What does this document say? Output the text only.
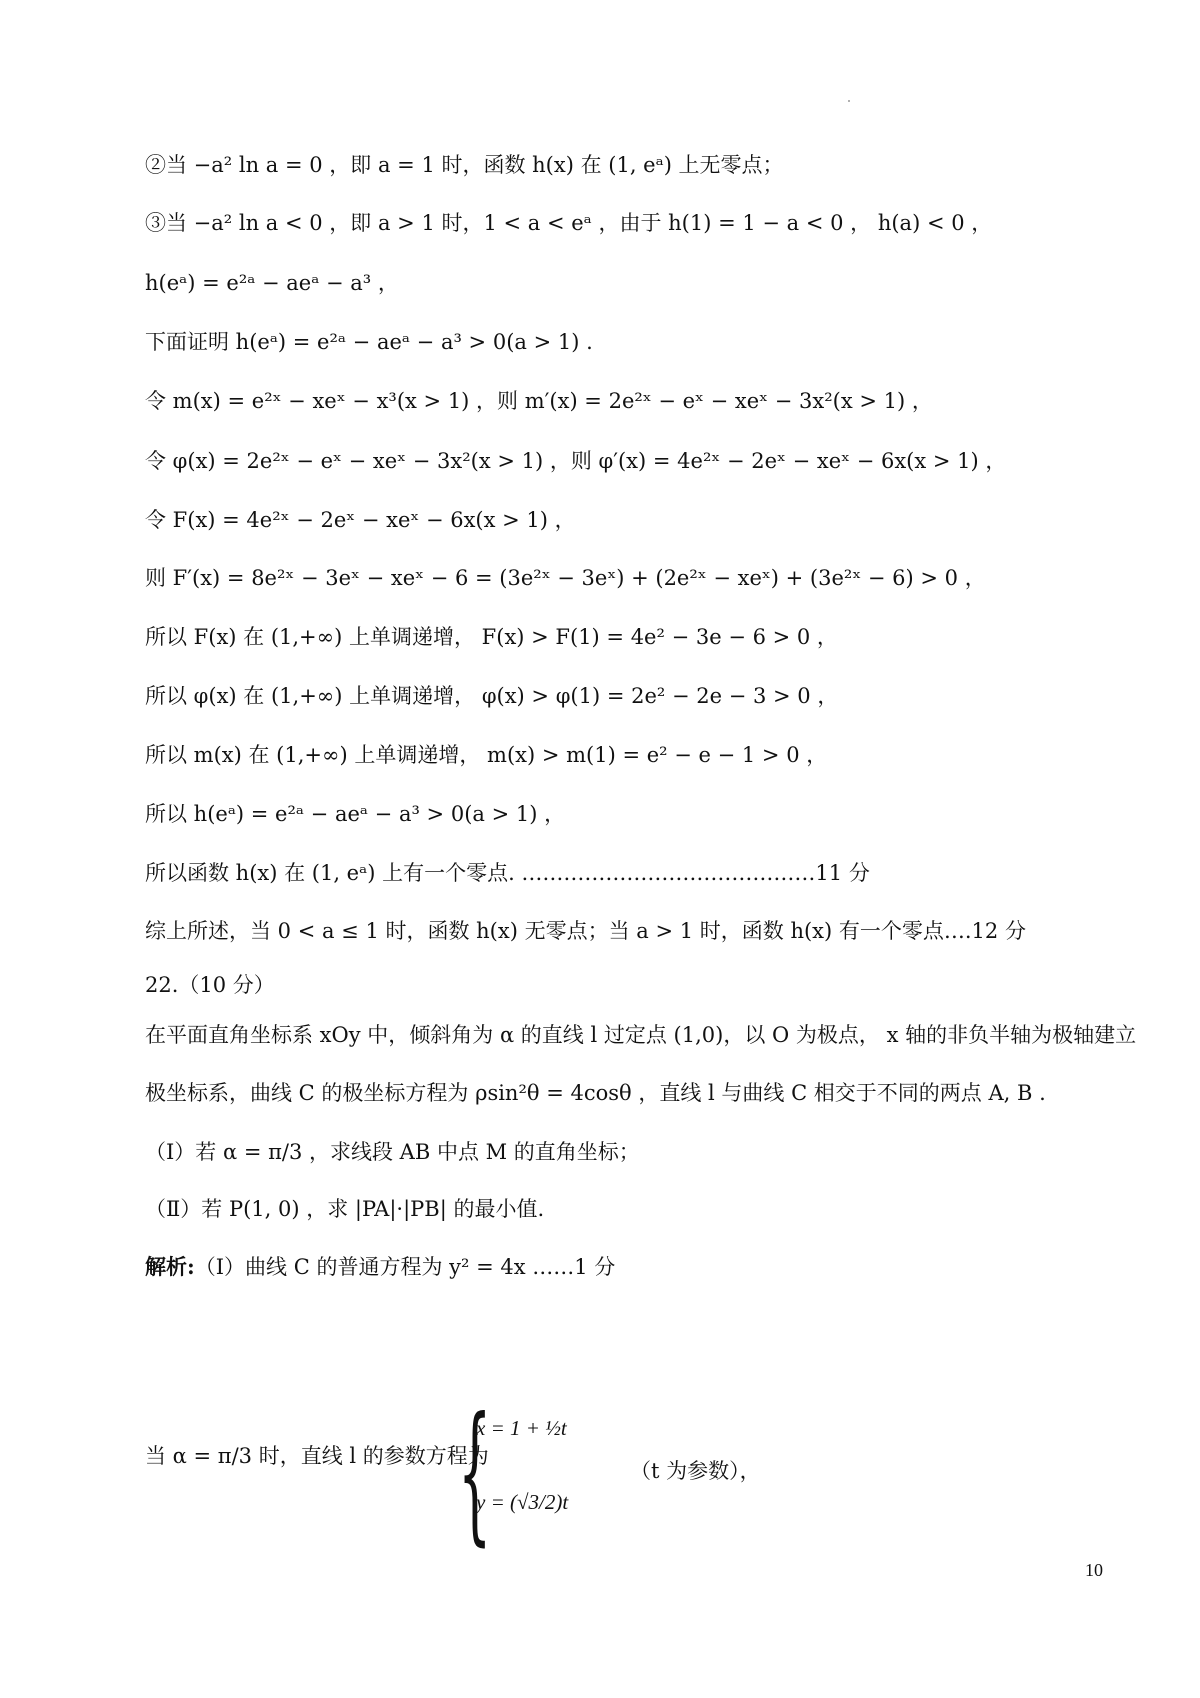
②当 −a² ln a = 0 ，即 a = 1 时，函数 h(x) 在 (1, eᵃ) 上无零点；
③当 −a² ln a < 0 ，即 a > 1 时，1 < a < eᵃ ，由于 h(1) = 1 − a < 0 ， h(a) < 0 ，
h(eᵃ) = e²ᵃ − aeᵃ − a³ ，
下面证明 h(eᵃ) = e²ᵃ − aeᵃ − a³ > 0(a > 1) .
令 m(x) = e²ˣ − xeˣ − x³(x > 1) ，则 m′(x) = 2e²ˣ − eˣ − xeˣ − 3x²(x > 1) ，
令 φ(x) = 2e²ˣ − eˣ − xeˣ − 3x²(x > 1) ，则 φ′(x) = 4e²ˣ − 2eˣ − xeˣ − 6x(x > 1) ，
令 F(x) = 4e²ˣ − 2eˣ − xeˣ − 6x(x > 1) ，
则 F′(x) = 8e²ˣ − 3eˣ − xeˣ − 6 = (3e²ˣ − 3eˣ) + (2e²ˣ − xeˣ) + (3e²ˣ − 6) > 0 ，
所以 F(x) 在 (1,+∞) 上单调递增， F(x) > F(1) = 4e² − 3e − 6 > 0 ，
所以 φ(x) 在 (1,+∞) 上单调递增， φ(x) > φ(1) = 2e² − 2e − 3 > 0 ，
所以 m(x) 在 (1,+∞) 上单调递增， m(x) > m(1) = e² − e − 1 > 0 ，
所以 h(eᵃ) = e²ᵃ − aeᵃ − a³ > 0(a > 1) ，
所以函数 h(x) 在 (1, eᵃ) 上有一个零点. ……………………………………11 分
综上所述，当 0 < a ≤ 1 时，函数 h(x) 无零点；当 a > 1 时，函数 h(x) 有一个零点….12 分
22.（10 分）
在平面直角坐标系 xOy 中，倾斜角为 α 的直线 l 过定点 (1,0)，以 O 为极点， x 轴的非负半轴为极轴建立
极坐标系，曲线 C 的极坐标方程为 ρsin²θ = 4cosθ ，直线 l 与曲线 C 相交于不同的两点 A, B .
（Ⅰ）若 α = π/3 ，求线段 AB 中点 M 的直角坐标；
（Ⅱ）若 P(1, 0) ，求 |PA|·|PB| 的最小值.
解析:（Ⅰ）曲线 C 的普通方程为 y² = 4x ……1 分
当 α = π/3 时，直线 l 的参数方程为
{
x = 1 + ½t
y = (√3/2)t
（t 为参数），
10
